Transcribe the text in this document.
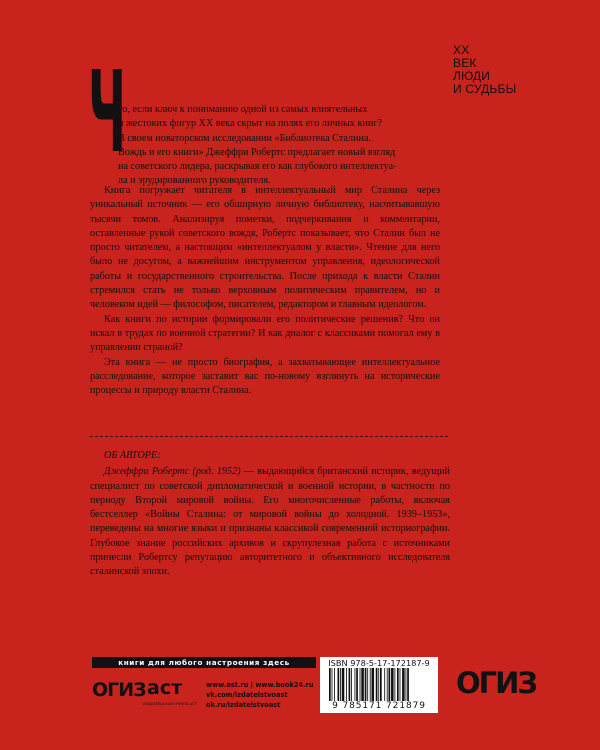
ХХ
ВЕК
ЛЮДИ
И СУДЬБЫ
Ч
то, если ключ к пониманию одной из самых влиятельных
и жестоких фигур XX века скрыт на полях его личных книг?
В своем новаторском исследовании «Библиотека Сталина.
Вождь и его книги» Джеффри Робертс предлагает новый взгляд
на советского лидера, раскрывая его как глубокого интеллектуа-
ла и эрудированного руководителя.

Книга погружает читателя в интеллектуальный мир Сталина через уникальный источник — его обширную личную библиотеку, насчитывавшую тысячи томов. Анализируя пометки, подчеркивания и комментарии, оставленные рукой советского вождя, Робертс показывает, что Сталин был не просто читателем, а настоящим «интеллектуалом у власти». Чтение для него было не досугом, а важнейшим инструментом управления, идеологической работы и государственного строительства. После прихода к власти Сталин стремился стать не только верховным политическим правителем, но и человеком идей — философом, писателем, редактором и главным идеологом.

Как книги по истории формировали его политические решения? Что он искал в трудах по военной стратегии? И как диалог с классиками помогал ему в управлении страной?

Эта книга — не просто биография, а захватывающее интеллектуальное расследование, которое заставит вас по-новому взглянуть на исторические процессы и природу власти Сталина.

ОБ АВТОРЕ:

Джеффри Робертс (род. 1952) — выдающийся британский историк, ведущий специалист по советской дипломатической и военной истории, в частности по периоду Второй мировой войны. Его многочисленные работы, включая бестселлер «Войны Сталина: от мировой войны до холодной. 1939–1953», переведены на многие языки и признаны классикой современной историографии. Глубокое знание российских архивов и скрупулезная работа с источниками принесли Робертсу репутацию авторитетного и объективного исследователя сталинской эпохи.

книги для любого настроения здесь
ОГИЗ аст
ИЗДАТЕЛЬСКАЯ ГРУППА АСТ
www.ast.ru | www.book24.ru
vk.com/izdatelstvoast
ok.ru/izdatelstvoast
ISBN 978-5-17-172187-9
9 785171 721879
ОГИЗ
